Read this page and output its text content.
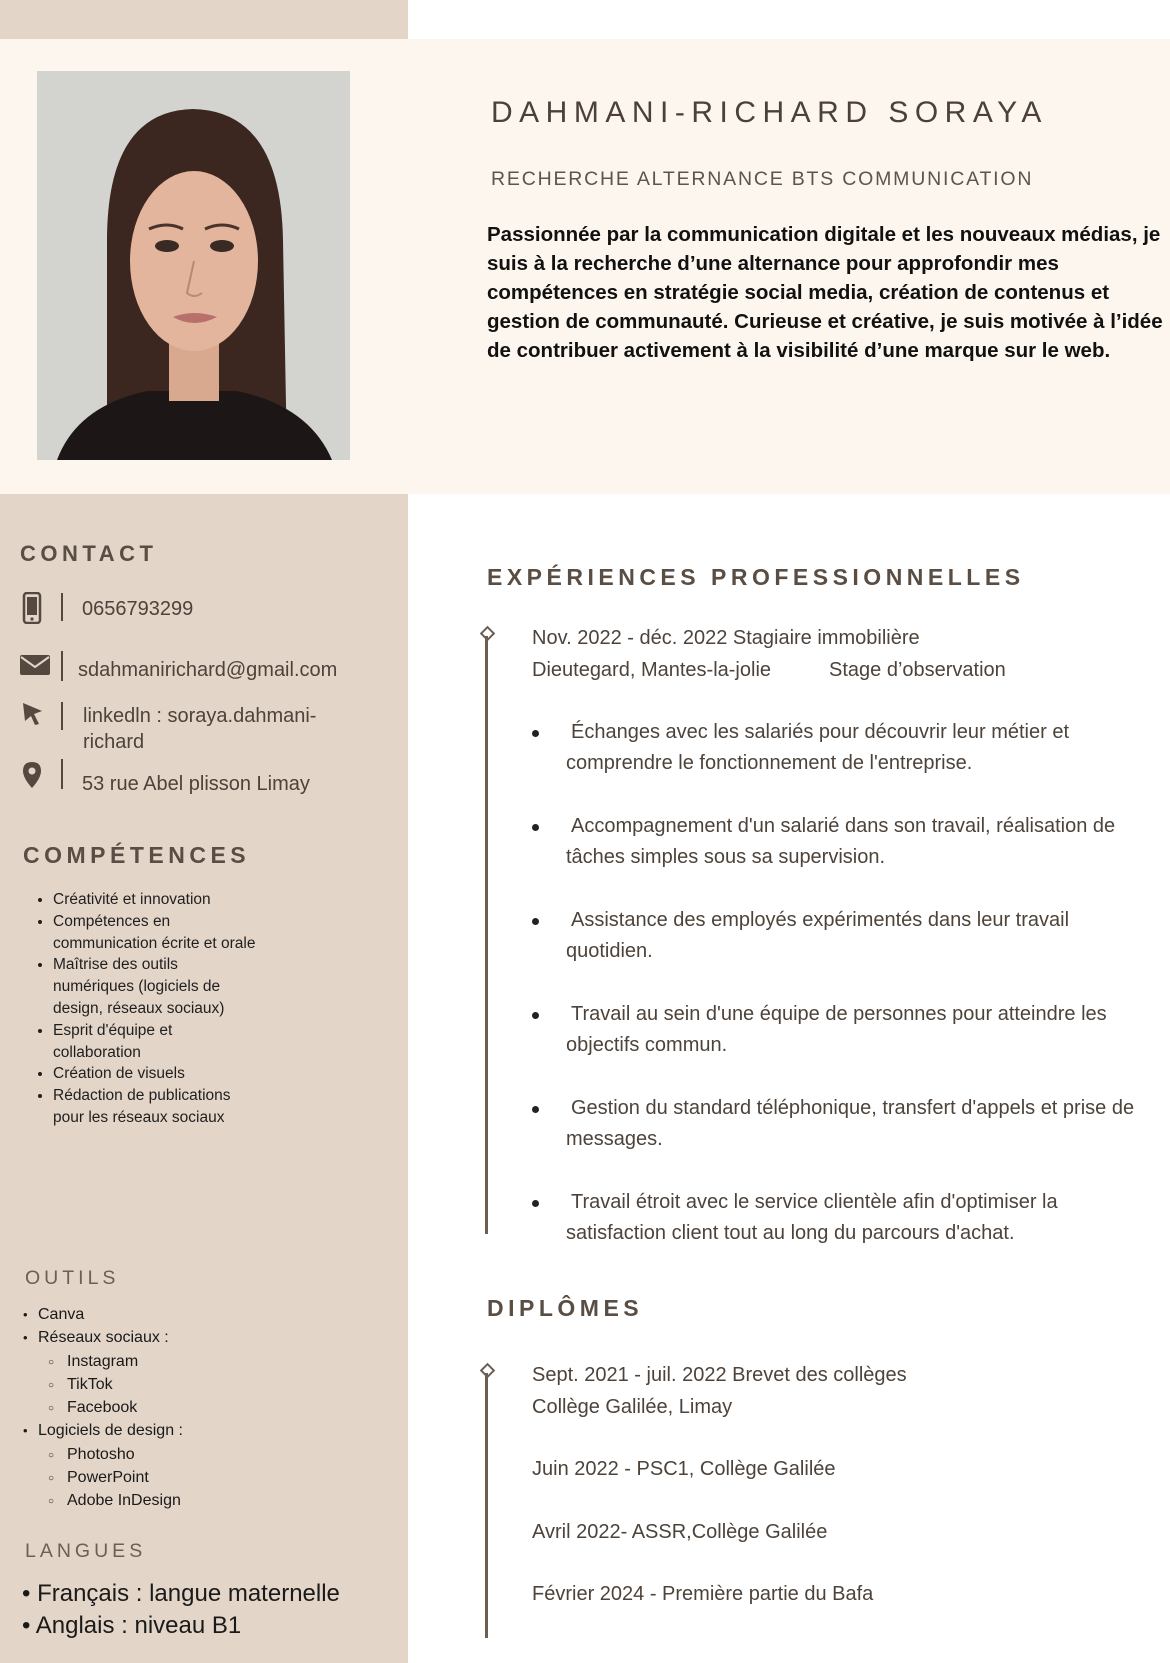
DAHMANI-RICHARD SORAYA
RECHERCHE ALTERNANCE BTS COMMUNICATION
Passionnée par la communication digitale et les nouveaux médias, je suis à la recherche d’une alternance pour approfondir mes compétences en stratégie social media, création de contenus et gestion de communauté. Curieuse et créative, je suis motivée à l’idée de contribuer activement à la visibilité d’une marque sur le web.
CONTACT
0656793299
sdahmanirichard@gmail.com
linkedln : soraya.dahmani-
richard
53 rue Abel plisson Limay
COMPÉTENCES
• Créativité et innovation
• Compétences en communication écrite et orale
• Maîtrise des outils numériques (logiciels de design, réseaux sociaux)
• Esprit d'équipe et collaboration
• Création de visuels
• Rédaction de publications pour les réseaux sociaux
OUTILS
• Canva
• Réseaux sociaux :
○ Instagram
○ TikTok
○ Facebook
• Logiciels de design :
○ Photosho
○ PowerPoint
○ Adobe InDesign
LANGUES
• Français : langue maternelle
• Anglais : niveau B1
EXPÉRIENCES PROFESSIONNELLES
Nov. 2022 - déc. 2022 Stagiaire immobilière
Dieutegard, Mantes-la-jolie	Stage d’observation
Échanges avec les salariés pour découvrir leur métier et comprendre le fonctionnement de l'entreprise.
Accompagnement d'un salarié dans son travail, réalisation de tâches simples sous sa supervision.
Assistance des employés expérimentés dans leur travail quotidien.
Travail au sein d'une équipe de personnes pour atteindre les objectifs commun.
Gestion du standard téléphonique, transfert d'appels et prise de messages.
Travail étroit avec le service clientèle afin d'optimiser la satisfaction client tout au long du parcours d'achat.
DIPLÔMES
Sept. 2021 - juil. 2022 Brevet des collèges
Collège Galilée, Limay
Juin 2022 - PSC1, Collège Galilée
Avril 2022- ASSR,Collège Galilée
Février 2024 - Première partie du Bafa
